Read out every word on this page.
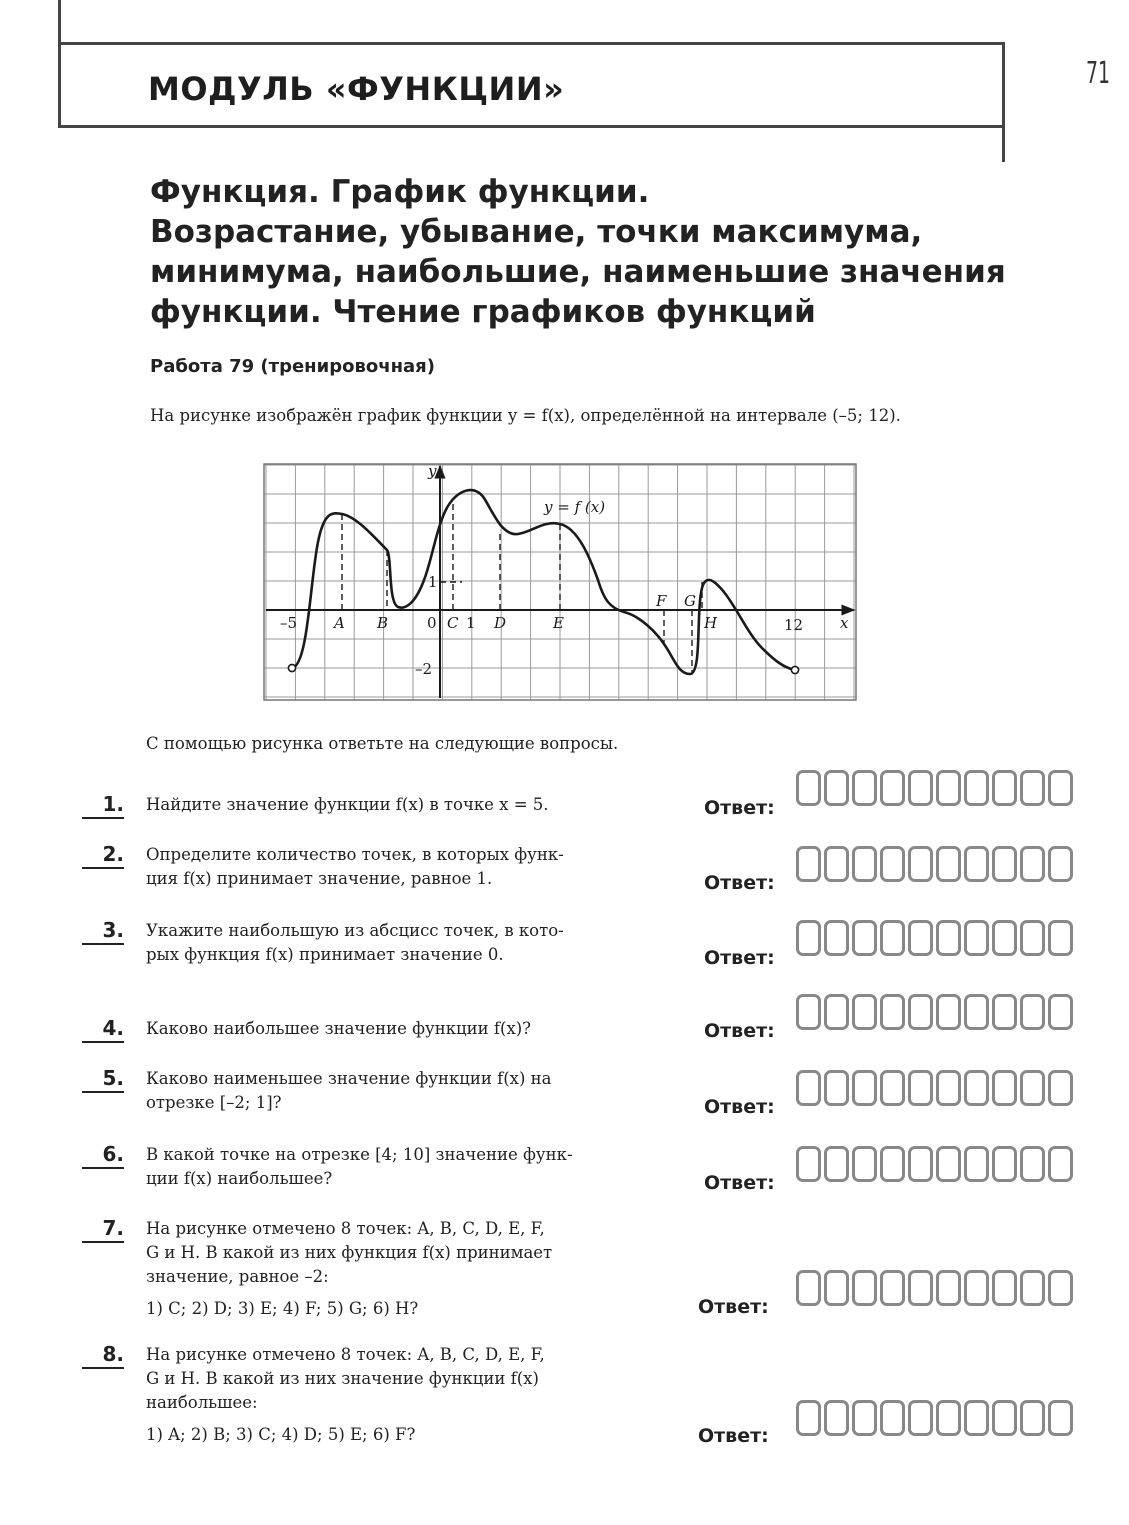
МОДУЛЬ «ФУНКЦИИ»	71
Функция. График функции.
Возрастание, убывание, точки максимума,
минимума, наибольшие, наименьшие значения
функции. Чтение графиков функций
Работа 79 (тренировочная)
На рисунке изображён график функции y = f(x), определённой на интервале (–5; 12).
y = f (x)
y
x
–5 A B	0 C 1 D	E
F G
H	12
1
–2
С помощью рисунка ответьте на следующие вопросы.
1. Найдите значение функции f(x) в точке x = 5.	Ответ:
2. Определите количество точек, в которых функ-
ция f(x) принимает значение, равное 1.	Ответ:
3. Укажите наибольшую из абсцисс точек, в кото-
рых функция f(x) принимает значение 0.	Ответ:
4. Каково наибольшее значение функции f(x)?	Ответ:
5. Каково наименьшее значение функции f(x) на
отрезке [–2; 1]?	Ответ:
6. В какой точке на отрезке [4; 10] значение функ-
ции f(x) наибольшее?	Ответ:
7. На рисунке отмечено 8 точек: A, B, C, D, E, F,
G и H. В какой из них функция f(x) принимает
значение, равное –2:
1) C; 2) D; 3) E; 4) F; 5) G; 6) H?	Ответ:
8. На рисунке отмечено 8 точек: A, B, C, D, E, F,
G и H. В какой из них значение функции f(x)
наибольшее:
1) A; 2) B; 3) C; 4) D; 5) E; 6) F?	Ответ:
